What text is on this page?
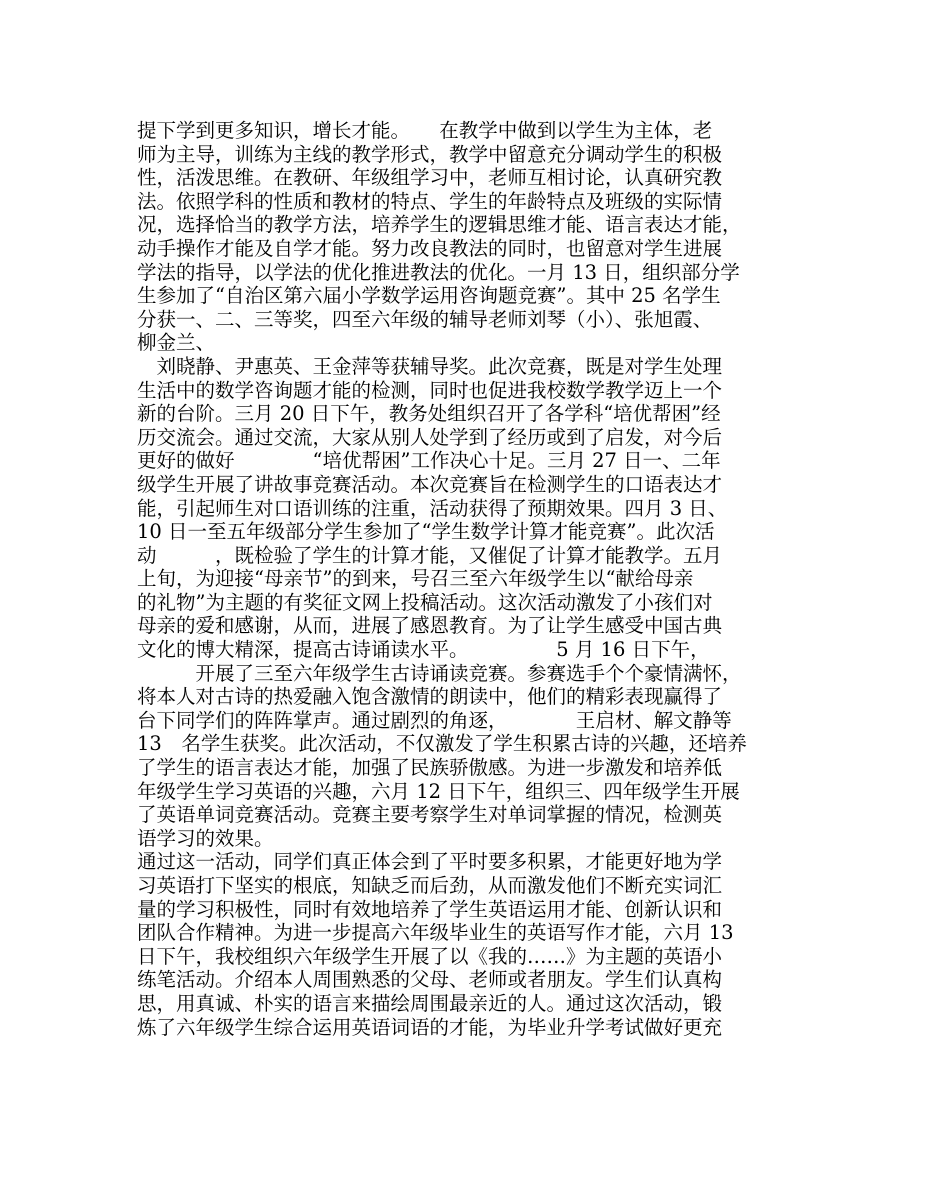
提下学到更多知识，增长才能。　　在教学中做到以学生为主体，老
师为主导，训练为主线的教学形式，教学中留意充分调动学生的积极
性，活泼思维。在教研、年级组学习中，老师互相讨论，认真研究教
法。依照学科的性质和教材的特点、学生的年龄特点及班级的实际情
况，选择恰当的教学方法，培养学生的逻辑思维才能、语言表达才能，
动手操作才能及自学才能。努力改良教法的同时，也留意对学生进展
学法的指导，以学法的优化推进教法的优化。一月 13 日，组织部分学
生参加了“自治区第六届小学数学运用咨询题竞赛”。其中 25 名学生
分获一、二、三等奖，四至六年级的辅导老师刘琴（小）、张旭霞、
柳金兰、
　刘晓静、尹惠英、王金萍等获辅导奖。此次竞赛，既是对学生处理
生活中的数学咨询题才能的检测，同时也促进我校数学教学迈上一个
新的台阶。三月 20 日下午，教务处组织召开了各学科“培优帮困”经
历交流会。通过交流，大家从别人处学到了经历或到了启发，对今后
更好的做好　　　　“培优帮困”工作决心十足。三月 27 日一、二年
级学生开展了讲故事竞赛活动。本次竞赛旨在检测学生的口语表达才
能，引起师生对口语训练的注重，活动获得了预期效果。四月 3 日、
10 日一至五年级部分学生参加了“学生数学计算才能竞赛”。此次活
动　　　，既检验了学生的计算才能，又催促了计算才能教学。五月
上旬，为迎接“母亲节”的到来，号召三至六年级学生以“献给母亲
的礼物”为主题的有奖征文网上投稿活动。这次活动激发了小孩们对
母亲的爱和感谢，从而，进展了感恩教育。为了让学生感受中国古典
文化的博大精深，提高古诗诵读水平。　　　　　5 月 16 日下午，
　　　开展了三至六年级学生古诗诵读竞赛。参赛选手个个豪情满怀，
将本人对古诗的热爱融入饱含激情的朗读中，他们的精彩表现赢得了
台下同学们的阵阵掌声。通过剧烈的角逐，　　　　王启材、解文静等
13　名学生获奖。此次活动，不仅激发了学生积累古诗的兴趣，还培养
了学生的语言表达才能，加强了民族骄傲感。为进一步激发和培养低
年级学生学习英语的兴趣，六月 12 日下午，组织三、四年级学生开展
了英语单词竞赛活动。竞赛主要考察学生对单词掌握的情况，检测英
语学习的效果。
通过这一活动，同学们真正体会到了平时要多积累，才能更好地为学
习英语打下坚实的根底，知缺乏而后劲，从而激发他们不断充实词汇
量的学习积极性，同时有效地培养了学生英语运用才能、创新认识和
团队合作精神。为进一步提高六年级毕业生的英语写作才能，六月 13
日下午，我校组织六年级学生开展了以《我的……》为主题的英语小
练笔活动。介绍本人周围熟悉的父母、老师或者朋友。学生们认真构
思，用真诚、朴实的语言来描绘周围最亲近的人。通过这次活动，锻
炼了六年级学生综合运用英语词语的才能，为毕业升学考试做好更充
